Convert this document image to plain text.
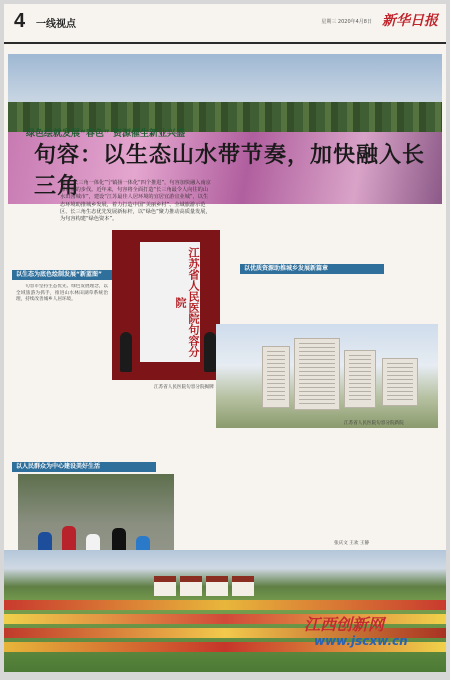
4 一线视点	星期三 2020年4月8日 新华日报
绿色绘就发展“春色” 资源催生新业兴盛
句容：以生态山水带节奏，加快融入长三角
扬中“长三角一体化”宁镇扬一体化“四个推进”，句容加快融入南京都市圈的步伐。近年来，句容将全面打造“长三角最令人向往的山水田园城市”，建设“江苏最佳人居环境的宜居宜游宜业城”，以生态环境助推城乡发展，着力打造中国“美丽乡村”、全域旅游示范区、长三角生态优先发展新标杆，以“绿色”聚力推动高质量发展，为句容构建“绿色资本”。
以生态为底色绘制发展“新蓝图”
　　句容市坚持生态优先、绿色发展理念，以全域旅游为抓手，推进山水林田湖草系统治理，持续改善城乡人居环境。	江苏省人民医院句容分院
江苏省人民医院句容分院揭牌
以优质资源助推城乡发展新篇章
江苏省人民医院句容分院新院
以人民群众为中心建设美好生活
张庆文 王欢 王静
江西创新网
www.jscxw.cn
